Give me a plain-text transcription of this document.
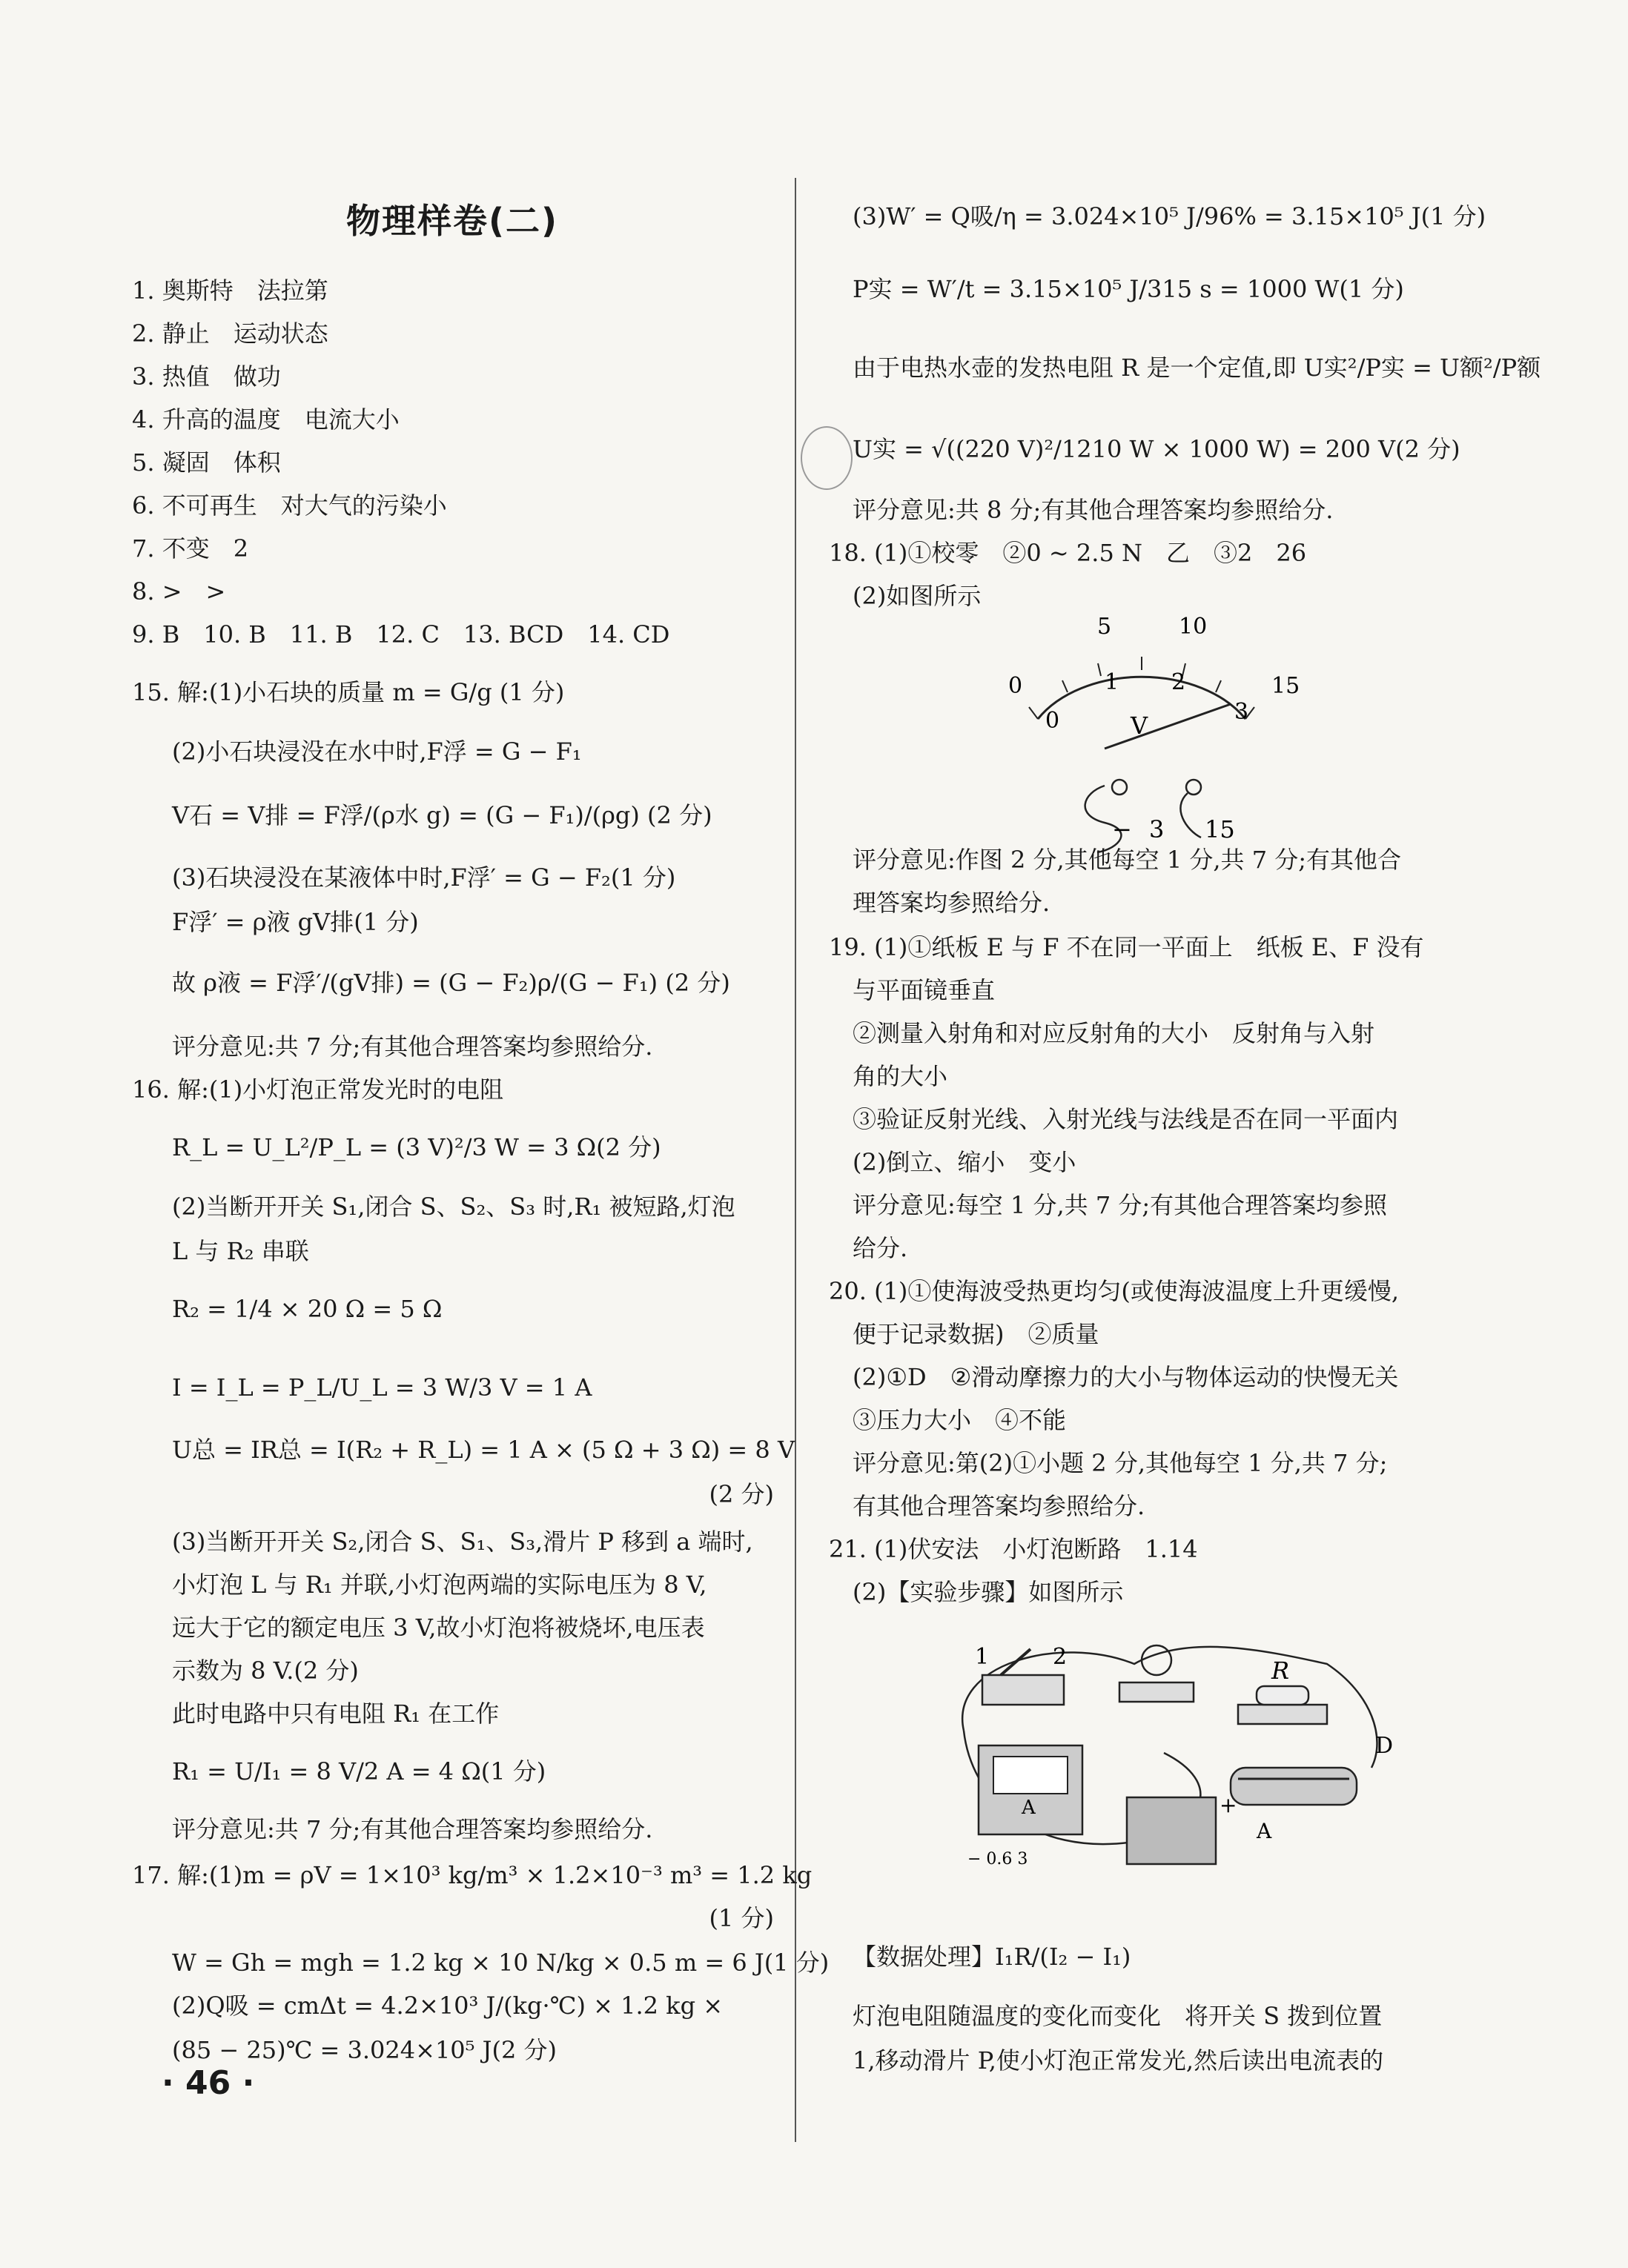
物理样卷(二)
1. 奥斯特　法拉第
2. 静止　运动状态
3. 热值　做功
4. 升高的温度　电流大小
5. 凝固　体积
6. 不可再生　对大气的污染小
7. 不变　2
8. >　>
9. B　10. B　11. B　12. C　13. BCD　14. CD
15. 解:(1)小石块的质量 m = G/g (1 分)
(2)小石块浸没在水中时,F浮 = G − F₁
V石 = V排 = F浮/(ρ水 g) = (G − F₁)/(ρg) (2 分)
(3)石块浸没在某液体中时,F浮′ = G − F₂(1 分)
F浮′ = ρ液 gV排(1 分)
故 ρ液 = F浮′/(gV排) = (G − F₂)ρ/(G − F₁) (2 分)
评分意见:共 7 分;有其他合理答案均参照给分.
16. 解:(1)小灯泡正常发光时的电阻
R_L = U_L²/P_L = (3 V)²/3 W = 3 Ω(2 分)
(2)当断开开关 S₁,闭合 S、S₂、S₃ 时,R₁ 被短路,灯泡
L 与 R₂ 串联
R₂ = 1/4 × 20 Ω = 5 Ω
I = I_L = P_L/U_L = 3 W/3 V = 1 A
U总 = IR总 = I(R₂ + R_L) = 1 A × (5 Ω + 3 Ω) = 8 V
(2 分)
(3)当断开开关 S₂,闭合 S、S₁、S₃,滑片 P 移到 a 端时,
小灯泡 L 与 R₁ 并联,小灯泡两端的实际电压为 8 V,
远大于它的额定电压 3 V,故小灯泡将被烧坏,电压表
示数为 8 V.(2 分)
此时电路中只有电阻 R₁ 在工作
R₁ = U/I₁ = 8 V/2 A = 4 Ω(1 分)
评分意见:共 7 分;有其他合理答案均参照给分.
17. 解:(1)m = ρV = 1×10³ kg/m³ × 1.2×10⁻³ m³ = 1.2 kg
(1 分)
W = Gh = mgh = 1.2 kg × 10 N/kg × 0.5 m = 6 J(1 分)
(2)Q吸 = cmΔt = 4.2×10³ J/(kg·℃) × 1.2 kg ×
(85 − 25)℃ = 3.024×10⁵ J(2 分)
· 46 ·
(3)W′ = Q吸/η = 3.024×10⁵ J/96% = 3.15×10⁵ J(1 分)
P实 = W′/t = 3.15×10⁵ J/315 s = 1000 W(1 分)
由于电热水壶的发热电阻 R 是一个定值,即 U实²/P实 = U额²/P额
U实 = √((220 V)²/1210 W × 1000 W) = 200 V(2 分)
评分意见:共 8 分;有其他合理答案均参照给分.
18. (1)①校零　②0 ~ 2.5 N　乙　③2　26
(2)如图所示
0
5	10
15
0
1 2
3
V
− 3 15
评分意见:作图 2 分,其他每空 1 分,共 7 分;有其他合
理答案均参照给分.
19. (1)①纸板 E 与 F 不在同一平面上　纸板 E、F 没有
与平面镜垂直
②测量入射角和对应反射角的大小　反射角与入射
角的大小
③验证反射光线、入射光线与法线是否在同一平面内
(2)倒立、缩小　变小
评分意见:每空 1 分,共 7 分;有其他合理答案均参照
给分.
20. (1)①使海波受热更均匀(或使海波温度上升更缓慢,
便于记录数据)　②质量
(2)①D　②滑动摩擦力的大小与物体运动的快慢无关
③压力大小　④不能
评分意见:第(2)①小题 2 分,其他每空 1 分,共 7 分;
有其他合理答案均参照给分.
21. (1)伏安法　小灯泡断路　1.14
(2)【实验步骤】如图所示
1	2	R
D
A
− 0.6 3
A
+
【数据处理】I₁R/(I₂ − I₁)
灯泡电阻随温度的变化而变化　将开关 S 拨到位置
1,移动滑片 P,使小灯泡正常发光,然后读出电流表的
